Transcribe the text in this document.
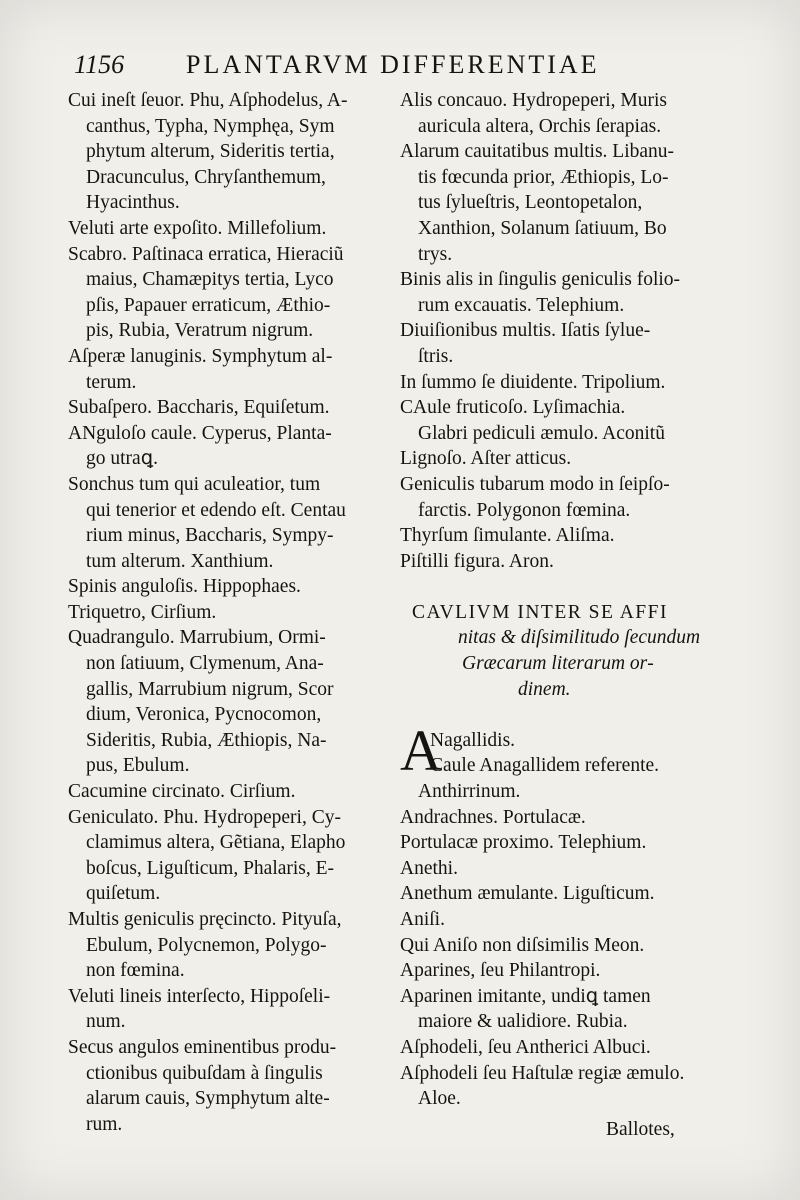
1156 PLANTARVM DIFFERENTIAE
Cui ineſt ſeuor. Phu, Aſphodelus, A‑
canthus, Typha, Nymphęa, Sym
phytum alterum, Sideritis tertia,
Dracunculus, Chryſanthemum,
Hyacinthus.
Veluti arte expoſito. Millefolium.
Scabro. Paſtinaca erratica, Hieraciũ
maius, Chamæpitys tertia, Lyco
pſis, Papauer erraticum, Æthio‑
pis, Rubia, Veratrum nigrum.
Aſperæ lanuginis. Symphytum al‑
terum.
Subaſpero. Baccharis, Equiſetum.
ANguloſo caule. Cyperus, Planta‑
go utraꝗ.
Sonchus tum qui aculeatior, tum
qui tenerior et edendo eſt. Centau
rium minus, Baccharis, Sympy‑
tum alterum. Xanthium.
Spinis anguloſis. Hippophaes.
Triquetro, Cirſium.
Quadrangulo. Marrubium, Ormi‑
non ſatiuum, Clymenum, Ana‑
gallis, Marrubium nigrum, Scor
dium, Veronica, Pycnocomon,
Sideritis, Rubia, Æthiopis, Na‑
pus, Ebulum.
Cacumine circinato. Cirſium.
Geniculato. Phu. Hydropeperi, Cy‑
clamimus altera, Gẽtiana, Elapho
boſcus, Liguſticum, Phalaris, E‑
quiſetum.
Multis geniculis pręcincto. Pityuſa,
Ebulum, Polycnemon, Polygo‑
non fœmina.
Veluti lineis interſecto, Hippoſeli‑
num.
Secus angulos eminentibus produ‑
ctionibus quibuſdam à ſingulis
alarum cauis, Symphytum alte‑
rum.
Alis concauo. Hydropeperi, Muris
auricula altera, Orchis ſerapias.
Alarum cauitatibus multis. Libanu‑
tis fœcunda prior, Æthiopis, Lo‑
tus ſylueſtris, Leontopetalon,
Xanthion, Solanum ſatiuum, Bo
trys.
Binis alis in ſingulis geniculis folio‑
rum excauatis. Telephium.
Diuiſionibus multis. Iſatis ſylue‑
ſtris.
In ſummo ſe diuidente. Tripolium.
CAule fruticoſo. Lyſimachia.
Glabri pediculi æmulo. Aconitũ
Lignoſo. Aſter atticus.
Geniculis tubarum modo in ſeipſo‑
farctis. Polygonon fœmina.
Thyrſum ſimulante. Aliſma.
Piſtilli figura. Aron.
CAVLIVM INTER SE AFFI
nitas & diſsimilitudo ſecundum
Græcarum literarum or‑
dinem.
A
Nagallidis.
Caule Anagallidem referente.
Anthirrinum.
Andrachnes. Portulacæ.
Portulacæ proximo. Telephium.
Anethi.
Anethum æmulante. Liguſticum.
Aniſi.
Qui Aniſo non diſsimilis Meon.
Aparines, ſeu Philantropi.
Aparinen imitante, undiꝗ tamen
maiore & ualidiore. Rubia.
Aſphodeli, ſeu Antherici Albuci.
Aſphodeli ſeu Haſtulæ regiæ æmulo.
Aloe.
Ballotes,
